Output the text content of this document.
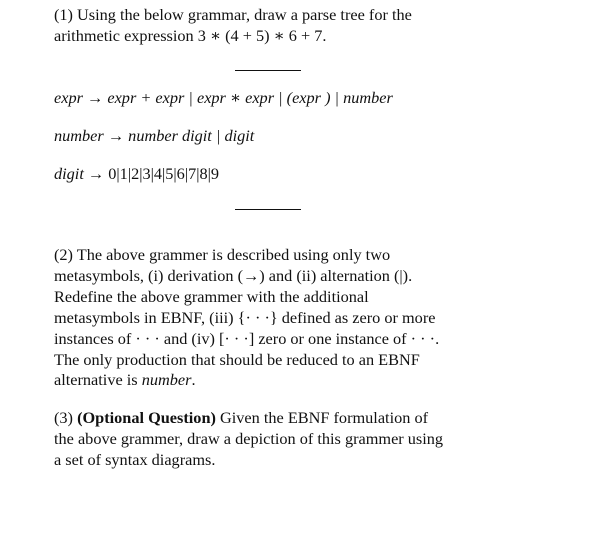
(1) Using the below grammar, draw a parse tree for the
arithmetic expression 3 ∗ (4 + 5) ∗ 6 + 7.

expr → expr + expr | expr ∗ expr | (expr ) | number

number → number digit | digit

digit → 0|1|2|3|4|5|6|7|8|9

(2) The above grammer is described using only two
metasymbols, (i) derivation (→) and (ii) alternation (|).
Redefine the above grammer with the additional
metasymbols in EBNF, (iii) {· · ·} defined as zero or more
instances of · · · and (iv) [· · ·] zero or one instance of · · ·.
The only production that should be reduced to an EBNF
alternative is number.

(3) (Optional Question) Given the EBNF formulation of
the above grammer, draw a depiction of this grammer using
a set of syntax diagrams.
